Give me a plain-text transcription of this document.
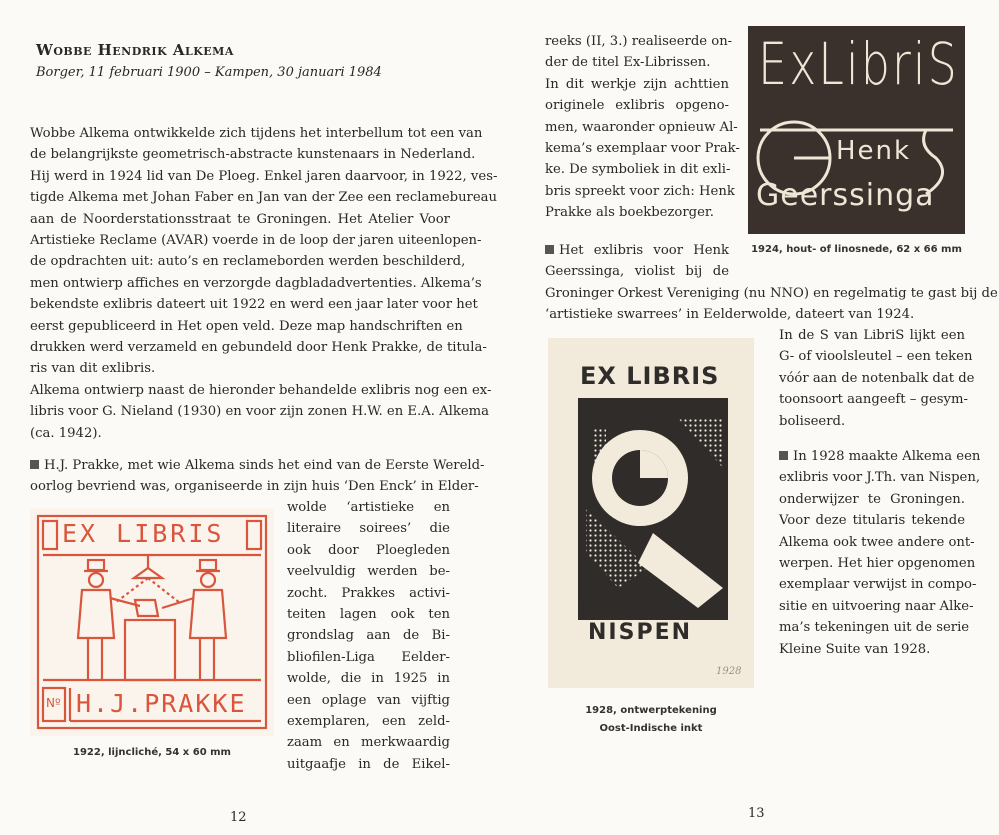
Wobbe Hendrik Alkema
Borger, 11 februari 1900 – Kampen, 30 januari 1984
Wobbe Alkema ontwikkelde zich tijdens het interbellum tot een van
de belangrijkste geometrisch-abstracte kunstenaars in Nederland.
Hij werd in 1924 lid van De Ploeg. Enkel jaren daarvoor, in 1922, ves-
tigde Alkema met Johan Faber en Jan van der Zee een reclamebureau
aan de Noorderstationsstraat te Groningen. Het Atelier Voor
Artistieke Reclame (AVAR) voerde in de loop der jaren uiteenlopen-
de opdrachten uit: auto’s en reclameborden werden beschilderd,
men ontwierp affiches en verzorgde dagbladadvertenties. Alkema’s
bekendste exlibris dateert uit 1922 en werd een jaar later voor het
eerst gepubliceerd in Het open veld. Deze map handschriften en
drukken werd verzameld en gebundeld door Henk Prakke, de titula-
ris van dit exlibris.
Alkema ontwierp naast de hieronder behandelde exlibris nog een ex-
libris voor G. Nieland (1930) en voor zijn zonen H.W. en E.A. Alkema
(ca. 1942).
H.J. Prakke, met wie Alkema sinds het eind van de Eerste Wereld-
oorlog bevriend was, organiseerde in zijn huis ‘Den Enck’ in Elder-
wolde ‘artistieke en
literaire soirees’ die
ook door Ploegleden
veelvuldig werden be-
zocht. Prakkes activi-
teiten lagen ook ten
grondslag aan de Bi-
bliofilen-Liga Eelder-
wolde, die in 1925 in
een oplage van vijftig
exemplaren, een zeld-
zaam en merkwaardig
uitgaafje in de Eikel-
EX LIBRIS
Nº H.J.PRAKKE
1922, lijncliché, 54 x 60 mm
12
reeks (II, 3.) realiseerde on-
der de titel Ex-Librissen.
In dit werkje zijn achttien
originele exlibris opgeno-
men, waaronder opnieuw Al-
kema’s exemplaar voor Prak-
ke. De symboliek in dit exli-
bris spreekt voor zich: Henk
Prakke als boekbezorger.
ExLibriS
Henk
Geerssinga
1924, hout- of linosnede, 62 x 66 mm
Het exlibris voor Henk
Geerssinga, violist bij de
Groninger Orkest Vereniging (nu NNO) en regelmatig te gast bij de
‘artistieke swarrees’ in Eelderwolde, dateert van 1924.
In de S van LibriS lijkt een
G- of vioolsleutel – een teken
vóór aan de notenbalk dat de
toonsoort aangeeft – gesym-
boliseerd.
EX LIBRIS
J.Th. VAN
NISPEN
1928
1928, ontwerptekening
Oost-Indische inkt
In 1928 maakte Alkema een
exlibris voor J.Th. van Nispen,
onderwijzer te Groningen.
Voor deze titularis tekende
Alkema ook twee andere ont-
werpen. Het hier opgenomen
exemplaar verwijst in compo-
sitie en uitvoering naar Alke-
ma’s tekeningen uit de serie
Kleine Suite van 1928.
13
